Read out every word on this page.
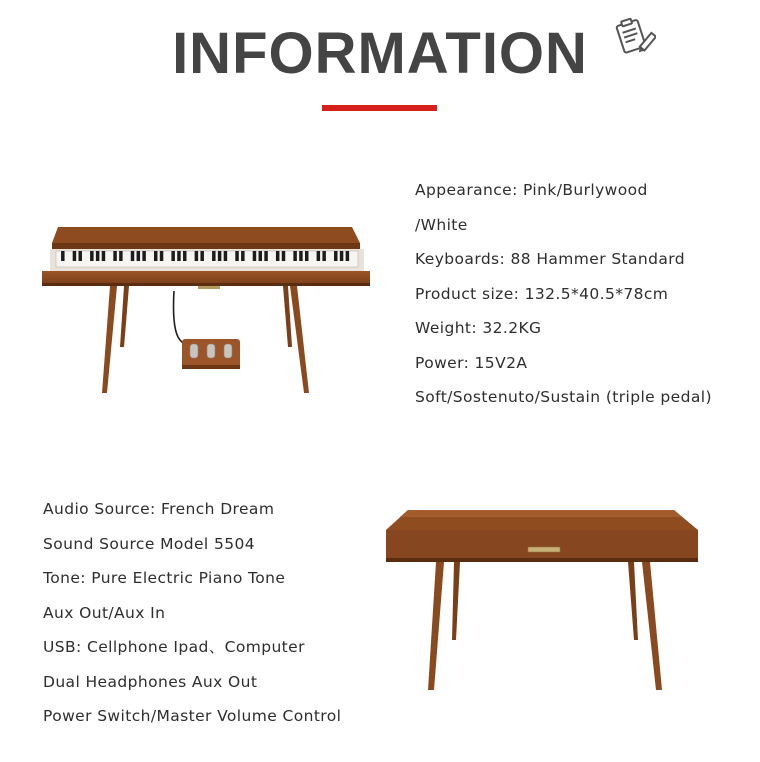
INFORMATION
Appearance: Pink/Burlywood
/White
Keyboards: 88 Hammer Standard
Product size: 132.5*40.5*78cm
Weight: 32.2KG
Power: 15V2A
Soft/Sostenuto/Sustain (triple pedal)
Audio Source: French Dream
Sound Source Model 5504
Tone: Pure Electric Piano Tone
Aux Out/Aux In
USB: Cellphone Ipad、Computer
Dual Headphones Aux Out
Power Switch/Master Volume Control
